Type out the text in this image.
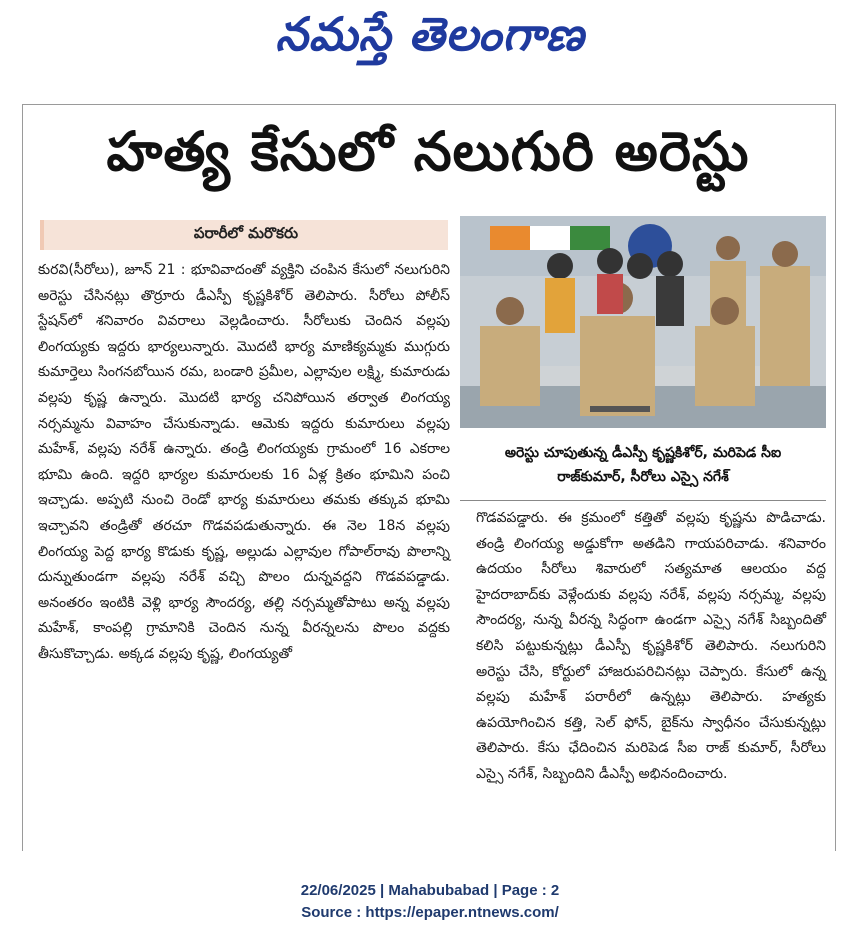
నమస్తే తెలంగాణ
హత్య కేసులో నలుగురి అరెస్టు
పరారీలో మరొకరు

కురవి(సీరోలు), జూన్ 21 : భూవివాదంతో వ్యక్తిని చంపిన కేసులో నలుగురిని అరెస్టు చేసినట్లు తొర్రూరు డీఎస్పీ కృష్ణకిశోర్ తెలిపారు. సీరోలు పోలీస్ స్టేషన్‌లో శనివారం వివరాలు వెల్లడించారు. సీరోలుకు చెందిన వల్లపు లింగయ్యకు ఇద్దరు భార్యలున్నారు. మొదటి భార్య మాణిక్యమ్మకు ముగ్గురు కుమార్తెలు సింగనబోయిన రమ, బండారి ప్రమీల, ఎల్లావుల లక్ష్మి, కుమారుడు వల్లపు కృష్ణ ఉన్నారు. మొదటి భార్య చనిపోయిన తర్వాత లింగయ్య నర్సమ్మను వివాహం చేసుకున్నాడు. ఆమెకు ఇద్దరు కుమారులు వల్లపు మహేశ్, వల్లపు నరేశ్ ఉన్నారు. తండ్రి లింగయ్యకు గ్రామంలో 16 ఎకరాల భూమి ఉంది. ఇద్దరి భార్యల కుమారులకు 16 ఏళ్ల క్రితం భూమిని పంచి ఇచ్చాడు. అప్పటి నుంచి రెండో భార్య కుమారులు తమకు తక్కువ భూమి ఇచ్చావని తండ్రితో తరచూ గొడవపడుతున్నారు. ఈ నెల 18న వల్లపు లింగయ్య పెద్ద భార్య కొడుకు కృష్ణ, అల్లుడు ఎల్లావుల గోపాల్‌రావు పొలాన్ని దున్నుతుండగా వల్లపు నరేశ్ వచ్చి పొలం దున్నవద్దని గొడవపడ్డాడు. అనంతరం ఇంటికి వెళ్లి భార్య సౌందర్య, తల్లి నర్సమ్మతోపాటు అన్న వల్లపు మహేశ్, కాంపల్లి గ్రామానికి చెందిన నున్న వీరన్నలను పొలం వద్దకు తీసుకొచ్చాడు. అక్కడ వల్లపు కృష్ణ, లింగయ్యతో

అరెస్టు చూపుతున్న డీఎస్పీ కృష్ణకిశోర్, మరిపెడ సీఐ
రాజ్‌కుమార్, సీరోలు ఎస్సై నగేశ్

గొడవపడ్డారు. ఈ క్రమంలో కత్తితో వల్లపు కృష్ణను పొడిచాడు. తండ్రి లింగయ్య అడ్డుకోగా అతడిని గాయపరిచాడు. శనివారం ఉదయం సీరోలు శివారులో సత్యమాత ఆలయం వద్ద హైదరాబాద్‌కు వెళ్లేందుకు వల్లపు నరేశ్, వల్లపు నర్సమ్మ, వల్లపు సౌందర్య, నున్న వీరన్న సిద్ధంగా ఉండగా ఎస్సై నగేశ్ సిబ్బందితో కలిసి పట్టుకున్నట్లు డీఎస్పీ కృష్ణకిశోర్ తెలిపారు. నలుగురిని అరెస్టు చేసి, కోర్టులో హాజరుపరిచినట్లు చెప్పారు. కేసులో ఉన్న వల్లపు మహేశ్ పరారీలో ఉన్నట్లు తెలిపారు. హత్యకు ఉపయోగించిన కత్తి, సెల్ ఫోన్, బైక్‌ను స్వాధీనం చేసుకున్నట్లు తెలిపారు. కేసు ఛేదించిన మరిపెడ సీఐ రాజ్ కుమార్, సీరోలు ఎస్సై నగేశ్, సిబ్బందిని డీఎస్పీ అభినందించారు.

22/06/2025 | Mahabubabad | Page : 2
Source : https://epaper.ntnews.com/
